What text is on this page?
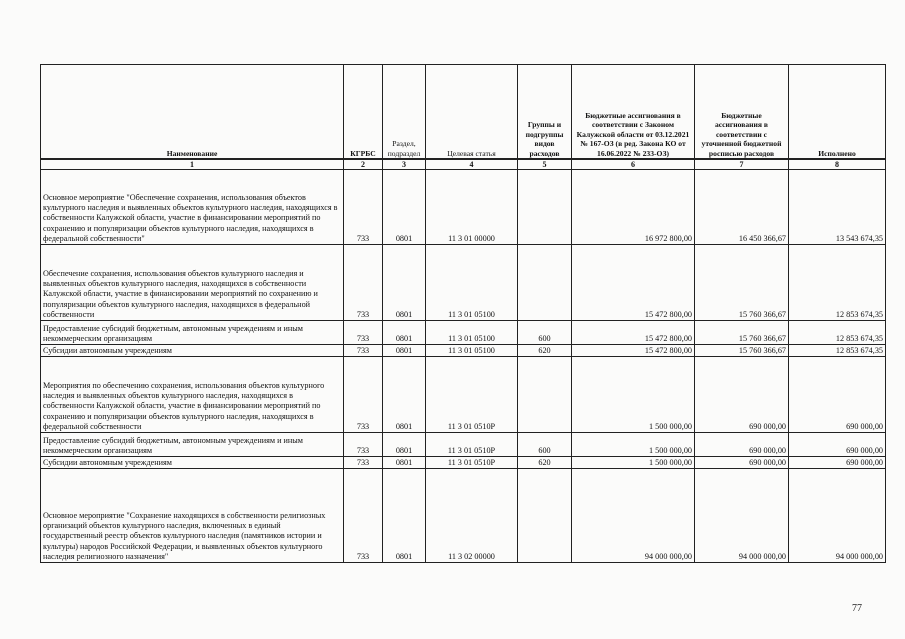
Наименование	КГРБС	Раздел, подраздел	Целевая статья	Группы и подгруппы видов расходов	Бюджетные ассигнования в соответствии с Законом Калужской области от 03.12.2021 № 167-ОЗ (в ред. Закона КО от 16.06.2022 № 233-ОЗ)	Бюджетные ассигнования в соответствии с уточненной бюджетной росписью расходов	Исполнено
1	2	3	4	5	6	7	8
Основное мероприятие "Обеспечение сохранения, использования объектов культурного наследия и выявленных объектов культурного наследия, находящихся в собственности Калужской области, участие в финансировании мероприятий по сохранению и популяризации объектов культурного наследия, находящихся в федеральной собственности"	733	0801	11 3 01 00000		16 972 800,00	16 450 366,67	13 543 674,35
Обеспечение сохранения, использования объектов культурного наследия и выявленных объектов культурного наследия, находящихся в собственности Калужской области, участие в финансировании мероприятий по сохранению и популяризации объектов культурного наследия, находящихся в федеральной собственности	733	0801	11 3 01 05100		15 472 800,00	15 760 366,67	12 853 674,35
Предоставление субсидий бюджетным, автономным учреждениям и иным некоммерческим организациям	733	0801	11 3 01 05100	600	15 472 800,00	15 760 366,67	12 853 674,35
Субсидии автономным учреждениям	733	0801	11 3 01 05100	620	15 472 800,00	15 760 366,67	12 853 674,35
Мероприятия по обеспечению сохранения, использования объектов культурного наследия и выявленных объектов культурного наследия, находящихся в собственности Калужской области, участие в финансировании мероприятий по сохранению и популяризации объектов культурного наследия, находящихся в федеральной собственности	733	0801	11 3 01 0510Р		1 500 000,00	690 000,00	690 000,00
Предоставление субсидий бюджетным, автономным учреждениям и иным некоммерческим организациям	733	0801	11 3 01 0510Р	600	1 500 000,00	690 000,00	690 000,00
Субсидии автономным учреждениям	733	0801	11 3 01 0510Р	620	1 500 000,00	690 000,00	690 000,00
Основное мероприятие "Сохранение находящихся в собственности религиозных организаций объектов культурного наследия, включенных в единый государственный реестр объектов культурного наследия (памятников истории и культуры) народов Российской Федерации, и выявленных объектов культурного наследия религиозного назначения"	733	0801	11 3 02 00000		94 000 000,00	94 000 000,00	94 000 000,00
77
